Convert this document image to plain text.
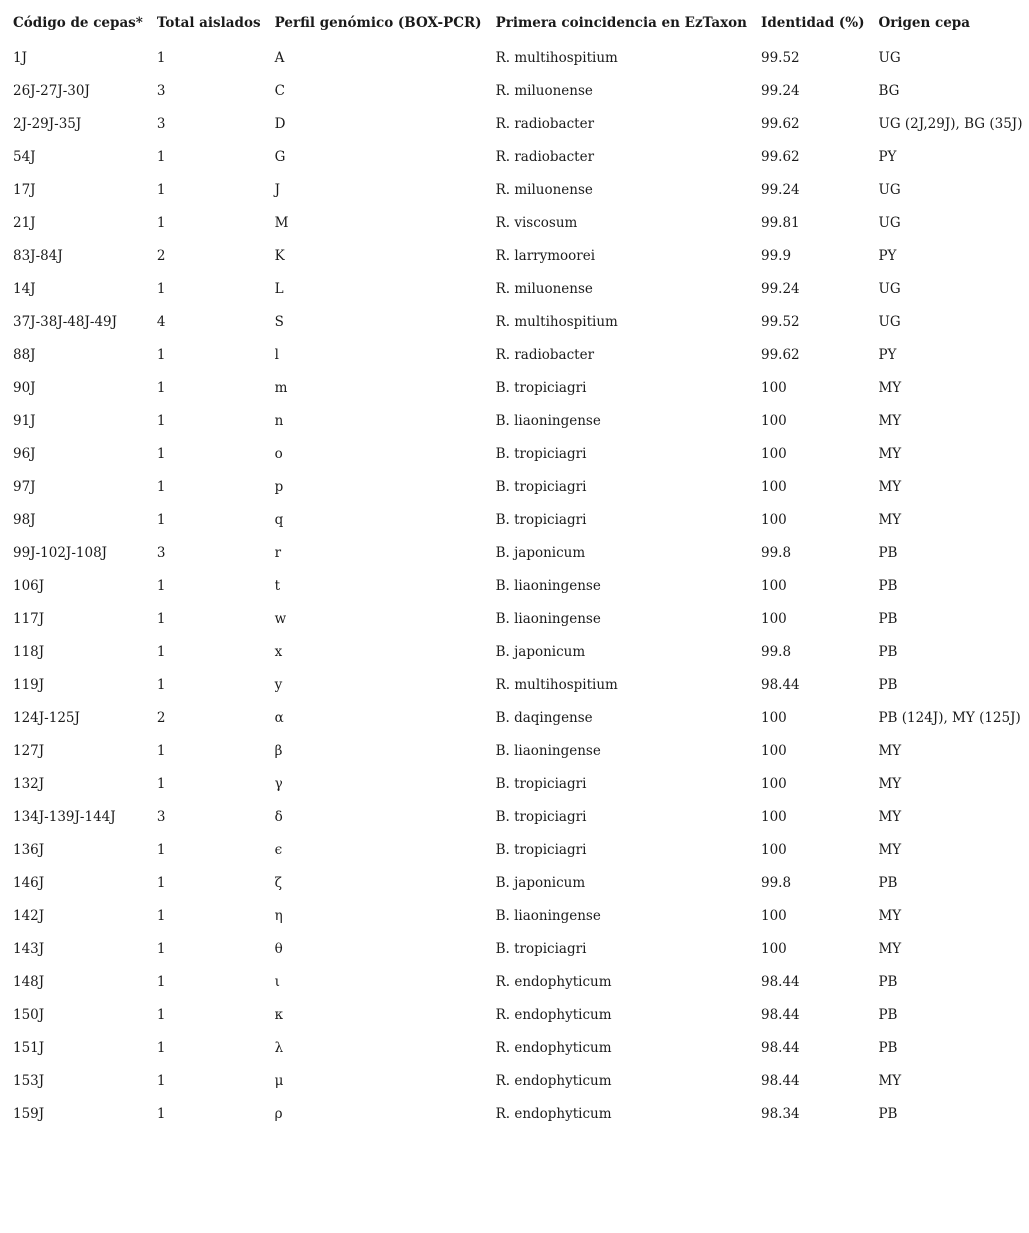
Código de cepas*	Total aislados	Perfil genómico (BOX-PCR)	Primera coincidencia en EzTaxon	Identidad (%)	Origen cepa
1J	1	A	R. multihospitium	99.52	UG
26J-27J-30J	3	C	R. miluonense	99.24	BG
2J-29J-35J	3	D	R. radiobacter	99.62	UG (2J,29J), BG (35J)
54J	1	G	R. radiobacter	99.62	PY
17J	1	J	R. miluonense	99.24	UG
21J	1	M	R. viscosum	99.81	UG
83J-84J	2	K	R. larrymoorei	99.9	PY
14J	1	L	R. miluonense	99.24	UG
37J-38J-48J-49J	4	S	R. multihospitium	99.52	UG
88J	1	l	R. radiobacter	99.62	PY
90J	1	m	B. tropiciagri	100	MY
91J	1	n	B. liaoningense	100	MY
96J	1	o	B. tropiciagri	100	MY
97J	1	p	B. tropiciagri	100	MY
98J	1	q	B. tropiciagri	100	MY
99J-102J-108J	3	r	B. japonicum	99.8	PB
106J	1	t	B. liaoningense	100	PB
117J	1	w	B. liaoningense	100	PB
118J	1	x	B. japonicum	99.8	PB
119J	1	y	R. multihospitium	98.44	PB
124J-125J	2	α	B. daqingense	100	PB (124J), MY (125J)
127J	1	β	B. liaoningense	100	MY
132J	1	γ	B. tropiciagri	100	MY
134J-139J-144J	3	δ	B. tropiciagri	100	MY
136J	1	ϵ	B. tropiciagri	100	MY
146J	1	ζ	B. japonicum	99.8	PB
142J	1	η	B. liaoningense	100	MY
143J	1	θ	B. tropiciagri	100	MY
148J	1	ι	R. endophyticum	98.44	PB
150J	1	κ	R. endophyticum	98.44	PB
151J	1	λ	R. endophyticum	98.44	PB
153J	1	μ	R. endophyticum	98.44	MY
159J	1	ρ	R. endophyticum	98.34	PB
